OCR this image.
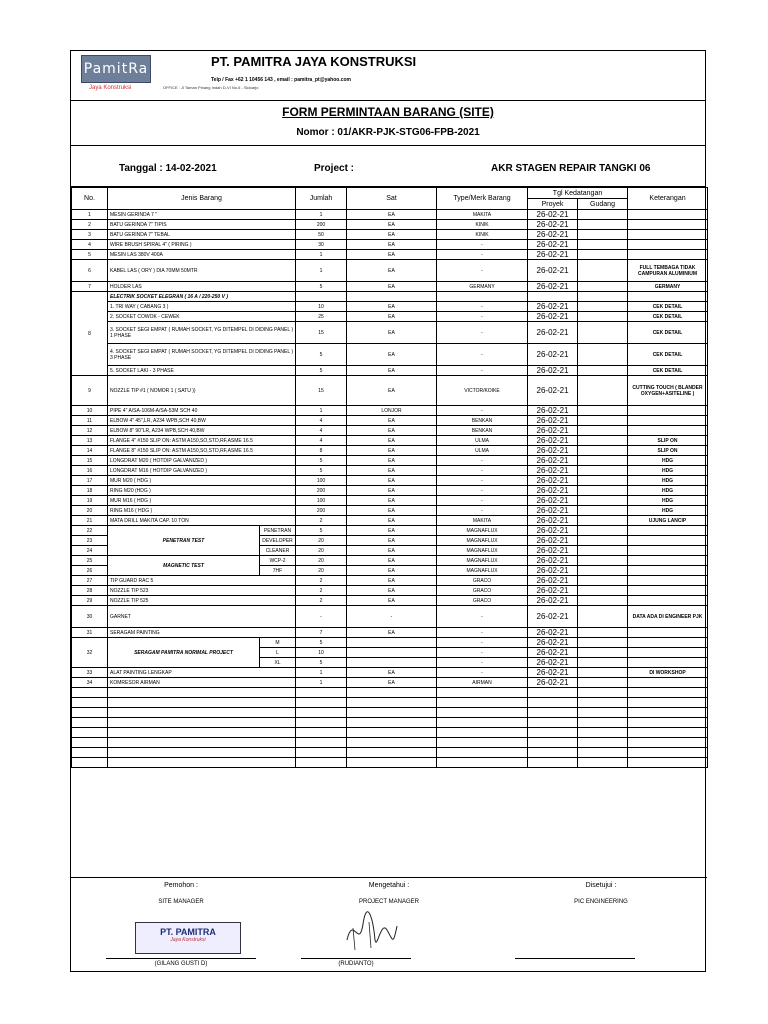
PamitRa
Jaya Konstruksi	OFFICE : Jl Taman Pinang Indah D-VI No.6 - Sidoarjo
PT. PAMITRA JAYA KONSTRUKSI
Telp / Fax +62 1 10456 143 , email : pamitra_pt@yahoo.com
FORM PERMINTAAN BARANG (SITE)
Nomor : 01/AKR-PJK-STG06-FPB-2021
Tanggal : 14-02-2021	Project :	AKR STAGEN REPAIR TANGKI 06
No.	Jenis Barang		Jumlah	Sat	Type/Merk Barang	Tgl Kedatangan		Keterangan
						Proyek	Gudang	
1	MESIN GERINDA 7 "		1	EA	MAKITA	26-02-21		
2	BATU GERINDA 7" TIPIS		200	EA	KINIK	26-02-21		
3	BATU GERINDA 7" TEBAL		50	EA	KINIK	26-02-21		
4	WIRE BRUSH SPIRAL 4" ( PIRING )		30	EA	-	26-02-21		
5	MESIN LAS 380V 400A		1	EA	-	26-02-21		
6	KABEL LAS ( ORY ) DIA 70MM 50MTR		1	EA	-	26-02-21		FULL TEMBAGA TIDAK CAMPURAN ALUMINIUM
7	HOLDER LAS		5	EA	GERMANY	26-02-21		GERMANY
8	ELECTRIK SOCKET ELEGRAN ( 16 A / 220-250 V )							
	1. TRI WAY ( CABANG 3 )		10	EA	-	26-02-21		CEK DETAIL
	2. SOCKET COWOK - CEWEK		25	EA	-	26-02-21		CEK DETAIL
	3. SOCKET SEGI EMPAT ( RUMAH SOCKET, YG DITEMPEL DI DIDING PANEL ) 1 PHASE		15	EA	-	26-02-21		CEK DETAIL
	4. SOCKET SEGI EMPAT ( RUMAH SOCKET, YG DITEMPEL DI DIDING PANEL ) 3 PHASE		5	EA	-	26-02-21		CEK DETAIL
	5. SOCKET LAKI - 3 PHASE		5	EA	-	26-02-21		CEK DETAIL
9	NOZZLE TIP #1 ( NOMOR 1 ( SATU ))		15	EA	VICTOR/KOIKE	26-02-21		CUTTING TOUCH ( BLANDER OXYGEN+ASITELINE )
10	PIPE 4" A/SA-106M-A/SA-53M SCH 40		1	LONJOR	-	26-02-21		
11	ELBOW 4" 45",LR, A234 WPB,SCH 40,BW		4	EA	BENKAN	26-02-21		
12	ELBOW 8" 90"LR, A234 WPB,SCH 40,BW		4	EA	BENKAN	26-02-21		
13	FLANGE 4" #150 SLIP ON: ASTM A150,SO,STD,RF,ASME 16.5		4	EA	ULMA	26-02-21		SLIP ON
14	FLANGE 8" #150 SLIP ON: ASTM A150,SO,STD,RF,ASME 16.5		8	EA	ULMA	26-02-21		SLIP ON
15	LONGDRAT M20 ( HOTDIP GALVANIZED )		5	EA	-	26-02-21		HDG
16	LONGDRAT M16 ( HOTDIP GALVANIZED )		5	EA	-	26-02-21		HDG
17	MUR M20 ( HDG )		100	EA	-	26-02-21		HDG
18	RING M20 (HDG )		200	EA	-	26-02-21		HDG
19	MUR M16 ( HDG )		100	EA	-	26-02-21		HDG
20	RING M16 ( HDG )		200	EA	-	26-02-21		HDG
21	MATA DRILL MAKITA CAP. 10 TON		2	EA	MAKITA	26-02-21		UJUNG LANCIP
22	PENETRAN TEST	PENETRAN	5	EA	MAGNAFLUX	26-02-21		
23		DEVELOPER	20	EA	MAGNAFLUX	26-02-21		
24		CLEANER	20	EA	MAGNAFLUX	26-02-21		
25	MAGNETIC TEST	WCP-2	20	EA	MAGNAFLUX	26-02-21		
26		7HF	20	EA	MAGNAFLUX	26-02-21		
27	TIP GUARD RAC 5		2	EA	GRACO	26-02-21		
28	NOZZLE TIP 523		2	EA	GRACO	26-02-21		
29	NOZZLE TIP 525		2	EA	GRACO	26-02-21		
30	GARNET		-	-	-	26-02-21		DATA ADA DI ENGINEER PJK
31	SERAGAM PAINTING		7	EA	-	26-02-21		
32	SERAGAM PAMITRA NORIMAL PROJECT	M	5		-	26-02-21		
		L	10		-	26-02-21		
		XL	5		-	26-02-21		
33	ALAT PAINTING LENGKAP		1	EA	-	26-02-21		DI WORKSHOP
34	KOMRESOR AIRMAN		1	EA	AIRMAN	26-02-21		

Pemohon :
SITE MANAGER
PT. PAMITRA
Jaya Konstruksi
(GILANG GUSTI D)
Mengetahui :
PROJECT MANAGER
(RUDIANTO)
Disetujui :
PIC ENGINEERING
